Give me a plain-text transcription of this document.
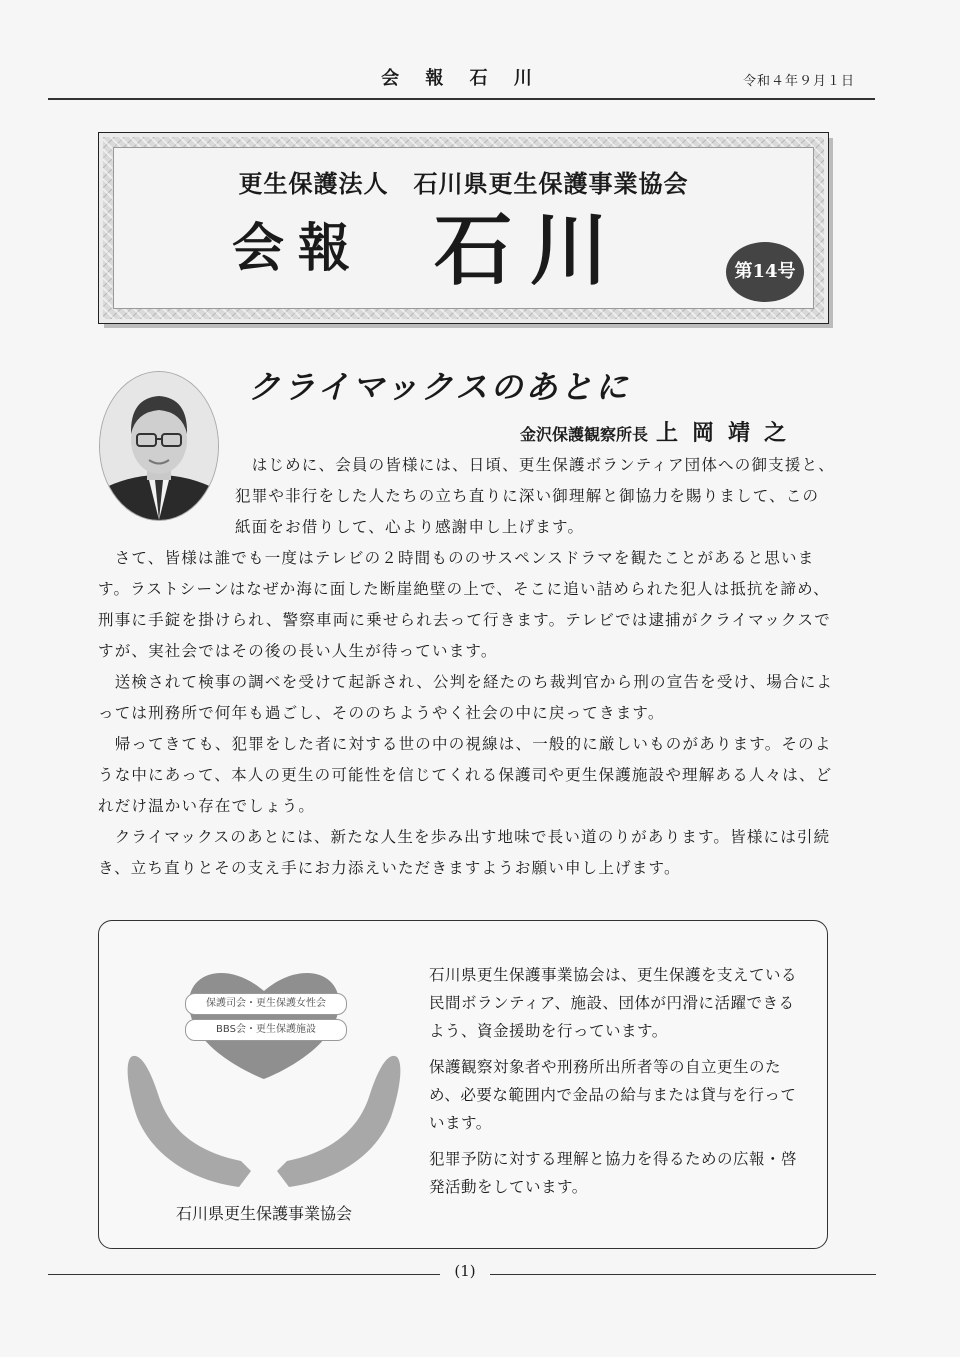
会 報 石 川	令和４年９月１日
更生保護法人　石川県更生保護事業協会
会報 石川	第14号
クライマックスのあとに
金沢保護観察所長 上岡靖之
　はじめに、会員の皆様には、日頃、更生保護ボランティア団体への御支援と、犯罪や非行をした人たちの立ち直りに深い御理解と御協力を賜りまして、この紙面をお借りして、心より感謝申し上げます。
　さて、皆様は誰でも一度はテレビの２時間もののサスペンスドラマを観たことがあると思います。ラストシーンはなぜか海に面した断崖絶壁の上で、そこに追い詰められた犯人は抵抗を諦め、刑事に手錠を掛けられ、警察車両に乗せられ去って行きます。テレビでは逮捕がクライマックスですが、実社会ではその後の長い人生が待っています。
　送検されて検事の調べを受けて起訴され、公判を経たのち裁判官から刑の宣告を受け、場合によっては刑務所で何年も過ごし、そののちようやく社会の中に戻ってきます。
　帰ってきても、犯罪をした者に対する世の中の視線は、一般的に厳しいものがあります。そのような中にあって、本人の更生の可能性を信じてくれる保護司や更生保護施設や理解ある人々は、どれだけ温かい存在でしょう。
　クライマックスのあとには、新たな人生を歩み出す地味で長い道のりがあります。皆様には引続き、立ち直りとその支え手にお力添えいただきますようお願い申し上げます。
保護司会・更生保護女性会
BBS会・更生保護施設
石川県更生保護事業協会

石川県更生保護事業協会は、更生保護を支えている民間ボランティア、施設、団体が円滑に活躍できるよう、資金援助を行っています。

保護観察対象者や刑務所出所者等の自立更生のため、必要な範囲内で金品の給与または貸与を行っています。

犯罪予防に対する理解と協力を得るための広報・啓発活動をしています。

(1)
